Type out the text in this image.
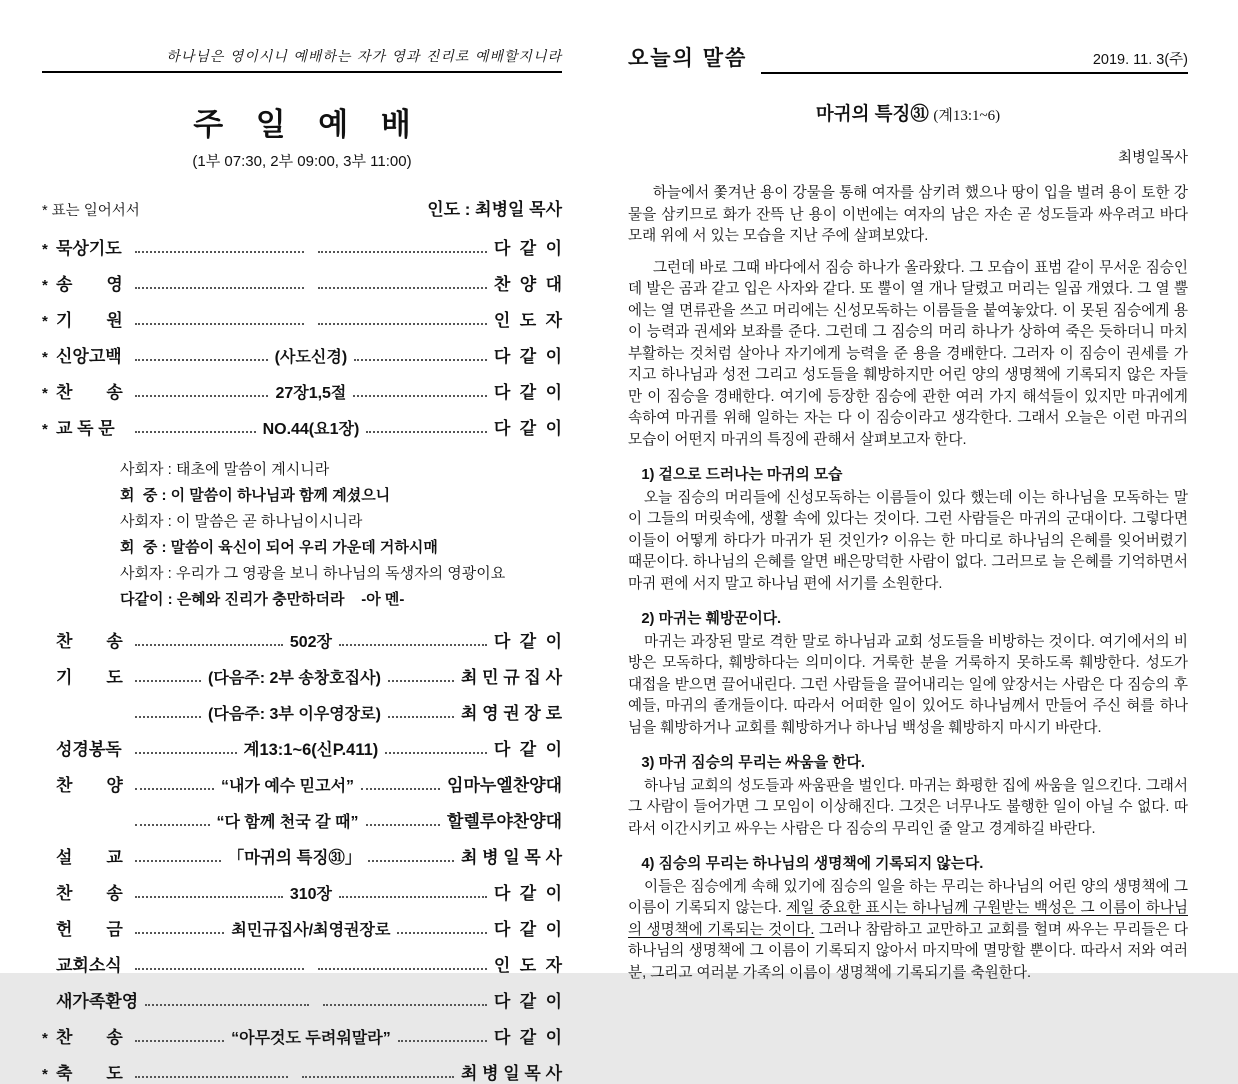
하나님은 영이시니 예배하는 자가 영과 진리로 예배할지니라
주 일 예 배
(1부 07:30, 2부 09:00, 3부 11:00)
* 표는 일어서서	인도 : 최병일 목사
* 묵상기도	다  같  이
* 송　　영	찬  양  대
* 기　　원	인  도  자
* 신앙고백	(사도신경)	다  같  이
* 찬　　송	27장1,5절	다  같  이
* 교 독 문	NO.44(요1장)	다  같  이
사회자 : 태초에 말씀이 계시니라
회  중 : 이 말씀이 하나님과 함께 계셨으니
사회자 : 이 말씀은 곧 하나님이시니라
회  중 : 말씀이 육신이 되어 우리 가운데 거하시매
사회자 : 우리가 그 영광을 보니 하나님의 독생자의 영광이요
다같이 : 은혜와 진리가 충만하더라    -아 멘-
찬　　송	502장	다  같  이
기　　도	(다음주: 2부 송창호집사)	최 민 규 집 사
(다음주: 3부 이우영장로)	최 영 권 장 로
성경봉독	계13:1~6(신P.411)	다  같  이
찬　　양	“내가 예수 믿고서”	임마누엘찬양대
“다 함께 천국 갈 때”	할렐루야찬양대
설　　교	「마귀의 특징㉛」	최 병 일 목 사
찬　　송	310장	다  같  이
헌　　금	최민규집사/최영권장로	다  같  이
교회소식	인  도  자
새가족환영	다  같  이
* 찬　　송	“아무것도 두려워말라”	다  같  이
* 축　　도	최 병 일 목 사
오늘의 말씀	2019. 11. 3(주)
마귀의 특징㉛ (계13:1~6)
최병일목사

하늘에서 쫓겨난 용이 강물을 통해 여자를 삼키려 했으나 땅이 입을 벌려 용이 토한 강물을 삼키므로 화가 잔뜩 난 용이 이번에는 여자의 남은 자손 곧 성도들과 싸우려고 바다 모래 위에 서 있는 모습을 지난 주에 살펴보았다.

그런데 바로 그때 바다에서 짐승 하나가 올라왔다. 그 모습이 표범 같이 무서운 짐승인데 발은 곰과 같고 입은 사자와 같다. 또 뿔이 열 개나 달렸고 머리는 일곱 개였다. 그 열 뿔에는 열 면류관을 쓰고 머리에는 신성모독하는 이름들을 붙여놓았다. 이 못된 짐승에게 용이 능력과 권세와 보좌를 준다. 그런데 그 짐승의 머리 하나가 상하여 죽은 듯하더니 마치 부활하는 것처럼 살아나 자기에게 능력을 준 용을 경배한다. 그러자 이 짐승이 권세를 가지고 하나님과 성전 그리고 성도들을 훼방하지만 어린 양의 생명책에 기록되지 않은 자들만 이 짐승을 경배한다. 여기에 등장한 짐승에 관한 여러 가지 해석들이 있지만 마귀에게 속하여 마귀를 위해 일하는 자는 다 이 짐승이라고 생각한다. 그래서 오늘은 이런 마귀의 모습이 어떤지 마귀의 특징에 관해서 살펴보고자 한다.

1) 겉으로 드러나는 마귀의 모습

오늘 짐승의 머리들에 신성모독하는 이름들이 있다 했는데 이는 하나님을 모독하는 말이 그들의 머릿속에, 생활 속에 있다는 것이다. 그런 사람들은 마귀의 군대이다. 그렇다면 이들이 어떻게 하다가 마귀가 된 것인가? 이유는 한 마디로 하나님의 은혜를 잊어버렸기 때문이다. 하나님의 은혜를 알면 배은망덕한 사람이 없다. 그러므로 늘 은혜를 기억하면서 마귀 편에 서지 말고 하나님 편에 서기를 소원한다.

2) 마귀는 훼방꾼이다.

마귀는 과장된 말로 격한 말로 하나님과 교회 성도들을 비방하는 것이다. 여기에서의 비방은 모독하다, 훼방하다는 의미이다. 거룩한 분을 거룩하지 못하도록 훼방한다. 성도가 대접을 받으면 끌어내린다. 그런 사람들을 끌어내리는 일에 앞장서는 사람은 다 짐승의 후예들, 마귀의 졸개들이다. 따라서 어떠한 일이 있어도 하나님께서 만들어 주신 혀를 하나님을 훼방하거나 교회를 훼방하거나 하나님 백성을 훼방하지 마시기 바란다.

3) 마귀 짐승의 무리는 싸움을 한다.

하나님 교회의 성도들과 싸움판을 벌인다. 마귀는 화평한 집에 싸움을 일으킨다. 그래서 그 사람이 들어가면 그 모임이 이상해진다. 그것은 너무나도 불행한 일이 아닐 수 없다. 따라서 이간시키고 싸우는 사람은 다 짐승의 무리인 줄 알고 경계하길 바란다.

4) 짐승의 무리는 하나님의 생명책에 기록되지 않는다.

이들은 짐승에게 속해 있기에 짐승의 일을 하는 무리는 하나님의 어린 양의 생명책에 그 이름이 기록되지 않는다. 제일 중요한 표시는 하나님께 구원받는 백성은 그 이름이 하나님의 생명책에 기록되는 것이다. 그러나 참람하고 교만하고 교회를 헐며 싸우는 무리들은 다 하나님의 생명책에 그 이름이 기록되지 않아서 마지막에 멸망할 뿐이다. 따라서 저와 여러분, 그리고 여러분 가족의 이름이 생명책에 기록되기를 축원한다.
